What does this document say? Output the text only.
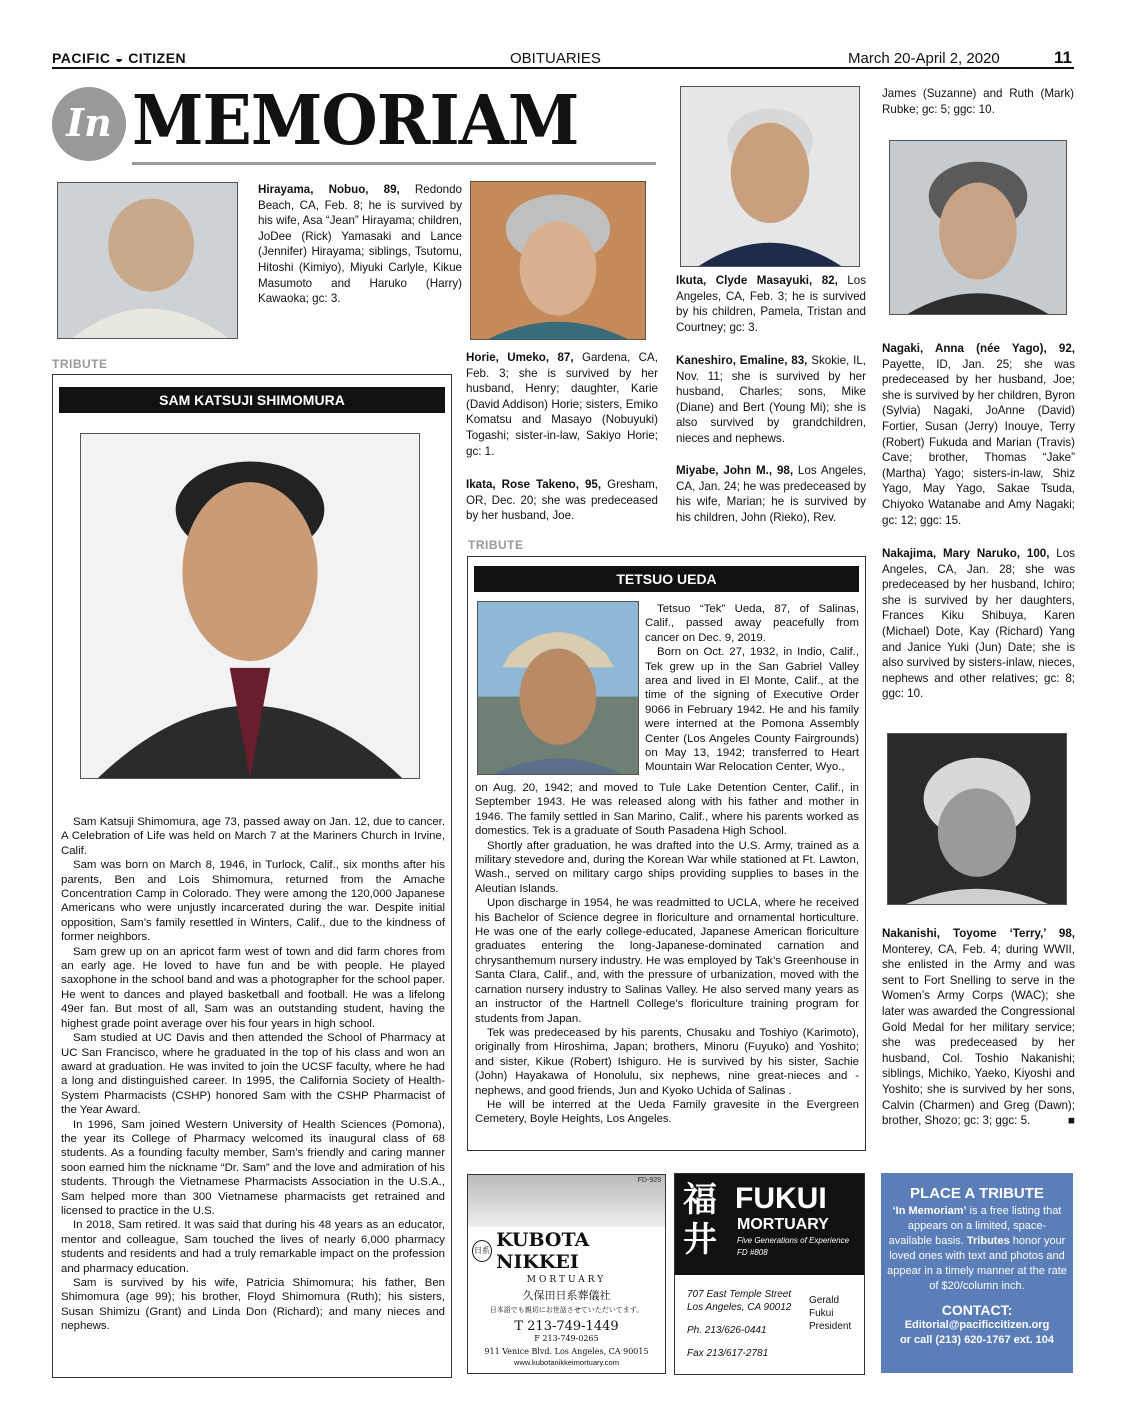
PACIFIC ◒ CITIZEN	OBITUARIES	March 20-April 2, 2020	11
In MEMORIAM
Hirayama, Nobuo, 89, Redondo Beach, CA, Feb. 8; he is survived by his wife, Asa “Jean” Hirayama; children, JoDee (Rick) Yamasaki and Lance (Jennifer) Hirayama; siblings, Tsutomu, Hitoshi (Kimiyo), Miyuki Carlyle, Kikue Masumoto and Haruko (Harry) Kawaoka; gc: 3.
Horie, Umeko, 87, Gardena, CA, Feb. 3; she is survived by her husband, Henry; daughter, Karie (David Addison) Horie; sisters, Emiko Komatsu and Masayo (Nobuyuki) Togashi; sister-in-law, Sakiyo Horie; gc: 1.
Ikata, Rose Takeno, 95, Gresham, OR, Dec. 20; she was predeceased by her husband, Joe.
Ikuta, Clyde Masayuki, 82, Los Angeles, CA, Feb. 3; he is survived by his children, Pamela, Tristan and Courtney; gc: 3.
Kaneshiro, Emaline, 83, Skokie, IL, Nov. 11; she is survived by her husband, Charles; sons, Mike (Diane) and Bert (Young Mi); she is also survived by grandchildren, nieces and nephews.
Miyabe, John M., 98, Los Angeles, CA, Jan. 24; he was predeceased by his wife, Marian; he is survived by his children, John (Rieko), Rev.
James (Suzanne) and Ruth (Mark) Rubke; gc: 5; ggc: 10.
Nagaki, Anna (née Yago), 92, Payette, ID, Jan. 25; she was predeceased by her husband, Joe; she is survived by her children, Byron (Sylvia) Nagaki, JoAnne (David) Fortier, Susan (Jerry) Inouye, Terry (Robert) Fukuda and Marian (Travis) Cave; brother, Thomas “Jake” (Martha) Yago; sisters-in-law, Shiz Yago, May Yago, Sakae Tsuda, Chiyoko Watanabe and Amy Nagaki; gc: 12; ggc: 15.
Nakajima, Mary Naruko, 100, Los Angeles, CA, Jan. 28; she was predeceased by her husband, Ichiro; she is survived by her daughters, Frances Kiku Shibuya, Karen (Michael) Dote, Kay (Richard) Yang and Janice Yuki (Jun) Date; she is also survived by sisters-inlaw, nieces, nephews and other relatives; gc: 8; ggc: 10.
Nakanishi, Toyome ‘Terry,’ 98, Monterey, CA, Feb. 4; during WWII, she enlisted in the Army and was sent to Fort Snelling to serve in the Women’s Army Corps (WAC); she later was awarded the Congressional Gold Medal for her military service; she was predeceased by her husband, Col. Toshio Nakanishi; siblings, Michiko, Yaeko, Kiyoshi and Yoshito; she is survived by her sons, Calvin (Charmen) and Greg (Dawn); brother, Shozo; gc: 3; ggc: 5.	■
TRIBUTE
SAM KATSUJI SHIMOMURA

Sam Katsuji Shimomura, age 73, passed away on Jan. 12, due to cancer. A Celebration of Life was held on March 7 at the Mariners Church in Irvine, Calif.

Sam was born on March 8, 1946, in Turlock, Calif., six months after his parents, Ben and Lois Shimomura, returned from the Amache Concentration Camp in Colorado. They were among the 120,000 Japanese Americans who were unjustly incarcerated during the war. Despite initial opposition, Sam’s family resettled in Winters, Calif., due to the kindness of former neighbors.

Sam grew up on an apricot farm west of town and did farm chores from an early age. He loved to have fun and be with people. He played saxophone in the school band and was a photographer for the school paper. He went to dances and played basketball and football. He was a lifelong 49er fan. But most of all, Sam was an outstanding student, having the highest grade point average over his four years in high school.

Sam studied at UC Davis and then attended the School of Pharmacy at UC San Francisco, where he graduated in the top of his class and won an award at graduation. He was invited to join the UCSF faculty, where he had a long and distinguished career. In 1995, the California Society of Health-System Pharmacists (CSHP) honored Sam with the CSHP Pharmacist of the Year Award.

In 1996, Sam joined Western University of Health Sciences (Pomona), the year its College of Pharmacy welcomed its inaugural class of 68 students. As a founding faculty member, Sam’s friendly and caring manner soon earned him the nickname “Dr. Sam” and the love and admiration of his students. Through the Vietnamese Pharmacists Association in the U.S.A., Sam helped more than 300 Vietnamese pharmacists get retrained and licensed to practice in the U.S.

In 2018, Sam retired. It was said that during his 48 years as an educator, mentor and colleague, Sam touched the lives of nearly 6,000 pharmacy students and residents and had a truly remarkable impact on the profession and pharmacy education.

Sam is survived by his wife, Patricia Shimomura; his father, Ben Shimomura (age 99); his brother, Floyd Shimomura (Ruth); his sisters, Susan Shimizu (Grant) and Linda Don (Richard); and many nieces and nephews.

TRIBUTE
TETSUO UEDA

Tetsuo “Tek” Ueda, 87, of Salinas, Calif., passed away peacefully from cancer on Dec. 9, 2019.

Born on Oct. 27, 1932, in Indio, Calif., Tek grew up in the San Gabriel Valley area and lived in El Monte, Calif., at the time of the signing of Executive Order 9066 in February 1942. He and his family were interned at the Pomona Assembly Center (Los Angeles County Fairgrounds) on May 13, 1942; transferred to Heart Mountain War Relocation Center, Wyo.,

on Aug. 20, 1942; and moved to Tule Lake Detention Center, Calif., in September 1943. He was released along with his father and mother in 1946. The family settled in San Marino, Calif., where his parents worked as domestics. Tek is a graduate of South Pasadena High School.

Shortly after graduation, he was drafted into the U.S. Army, trained as a military stevedore and, during the Korean War while stationed at Ft. Lawton, Wash., served on military cargo ships providing supplies to bases in the Aleutian Islands.

Upon discharge in 1954, he was readmitted to UCLA, where he received his Bachelor of Science degree in floriculture and ornamental horticulture. He was one of the early college-educated, Japanese American floriculture graduates entering the long-Japanese-dominated carnation and chrysanthemum nursery industry. He was employed by Tak’s Greenhouse in Santa Clara, Calif., and, with the pressure of urbanization, moved with the carnation nursery industry to Salinas Valley. He also served many years as an instructor of the Hartnell College’s floriculture training program for students from Japan.

Tek was predeceased by his parents, Chusaku and Toshiyo (Karimoto), originally from Hiroshima, Japan; brothers, Minoru (Fuyuko) and Yoshito; and sister, Kikue (Robert) Ishiguro. He is survived by his sister, Sachie (John) Hayakawa of Honolulu, six nephews, nine great-nieces and -nephews, and good friends, Jun and Kyoko Uchida of Salinas .

He will be interred at the Ueda Family gravesite in the Evergreen Cemetery, Boyle Heights, Los Angeles.

FD-929
日系 KUBOTA NIKKEI
MORTUARY
久保田日系葬儀社
日本語でも親切にお世話させていただいてます。
T 213-749-1449
F 213-749-0265
911 Venice Blvd. Los Angeles, CA 90015
www.kubotanikkeimortuary.com
福
井
FUKUI
MORTUARY
Five Generations of Experience
FD #808
707 East Temple Street
Los Angeles, CA 90012
Ph. 213/626-0441
Fax 213/617-2781
Gerald
Fukui
President
PLACE A TRIBUTE
‘In Memoriam’ is a free listing that appears on a limited, space-available basis. Tributes honor your loved ones with text and photos and appear in a timely manner at the rate of $20/column inch.
CONTACT:
Editorial@pacificcitizen.org
or call (213) 620-1767 ext. 104
